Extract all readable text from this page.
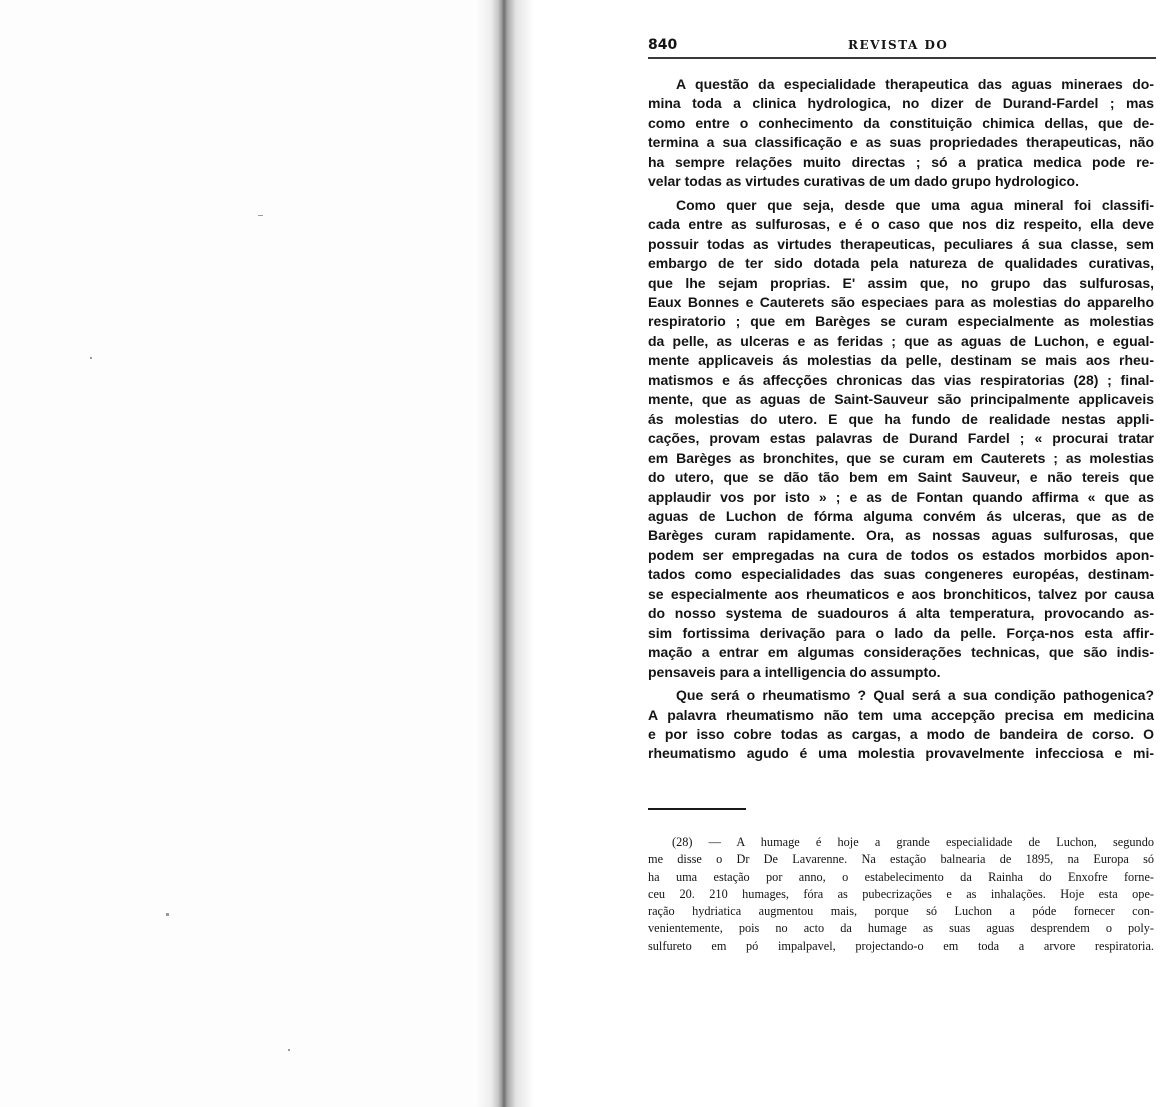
840	REVISTA DO
A questão da especialidade therapeutica das aguas mineraes do-
mina toda a clinica hydrologica, no dizer de Durand-Fardel ; mas
como entre o conhecimento da constituição chimica dellas, que de-
termina a sua classificação e as suas propriedades therapeuticas, não
ha sempre relações muito directas ; só a pratica medica pode re-
velar todas as virtudes curativas de um dado grupo hydrologico.
Como quer que seja, desde que uma agua mineral foi classifi-
cada entre as sulfurosas, e é o caso que nos diz respeito, ella deve
possuir todas as virtudes therapeuticas, peculiares á sua classe, sem
embargo de ter sido dotada pela natureza de qualidades curativas,
que lhe sejam proprias. E' assim que, no grupo das sulfurosas,
Eaux Bonnes e Cauterets são especiaes para as molestias do apparelho
respiratorio ; que em Barèges se curam especialmente as molestias
da pelle, as ulceras e as feridas ; que as aguas de Luchon, e egual-
mente applicaveis ás molestias da pelle, destinam se mais aos rheu-
matismos e ás affecções chronicas das vias respiratorias (28) ; final-
mente, que as aguas de Saint-Sauveur são principalmente applicaveis
ás molestias do utero. E que ha fundo de realidade nestas appli-
cações, provam estas palavras de Durand Fardel ; « procurai tratar
em Barèges as bronchites, que se curam em Cauterets ; as molestias
do utero, que se dão tão bem em Saint Sauveur, e não tereis que
applaudir vos por isto » ; e as de Fontan quando affirma « que as
aguas de Luchon de fórma alguma convém ás ulceras, que as de
Barèges curam rapidamente. Ora, as nossas aguas sulfurosas, que
podem ser empregadas na cura de todos os estados morbidos apon-
tados como especialidades das suas congeneres européas, destinam-
se especialmente aos rheumaticos e aos bronchiticos, talvez por causa
do nosso systema de suadouros á alta temperatura, provocando as-
sim fortissima derivação para o lado da pelle. Força-nos esta affir-
mação a entrar em algumas considerações technicas, que são indis-
pensaveis para a intelligencia do assumpto.
Que será o rheumatismo ? Qual será a sua condição pathogenica?
A palavra rheumatismo não tem uma accepção precisa em medicina
e por isso cobre todas as cargas, a modo de bandeira de corso. O
rheumatismo agudo é uma molestia provavelmente infecciosa e mi-
(28) — A humage é hoje a grande especialidade de Luchon, segundo
me disse o Dr De Lavarenne. Na estação balnearia de 1895, na Europa só
ha uma estação por anno, o estabelecimento da Rainha do Enxofre forne-
ceu 20. 210 humages, fóra as pubecrizações e as inhalações. Hoje esta ope-
ração hydriatica augmentou mais, porque só Luchon a póde fornecer con-
venientemente, pois no acto da humage as suas aguas desprendem o poly-
sulfureto em pó impalpavel, projectando-o em toda a arvore respiratoria.
